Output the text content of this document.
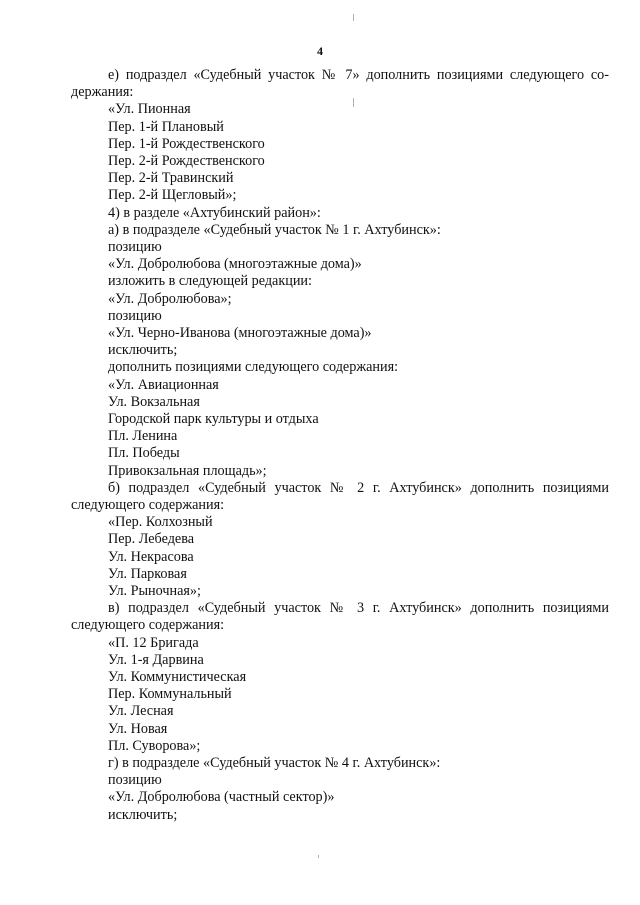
4
е) подраздел «Судебный участок № 7» дополнить позициями следующего со-
держания:
«Ул. Пионная
Пер. 1-й Плановый
Пер. 1-й Рождественского
Пер. 2-й Рождественского
Пер. 2-й Травинский
Пер. 2-й Щегловый»;
4) в разделе «Ахтубинский район»:
а) в подразделе «Судебный участок № 1 г. Ахтубинск»:
позицию
«Ул. Добролюбова (многоэтажные дома)»
изложить в следующей редакции:
«Ул. Добролюбова»;
позицию
«Ул. Черно-Иванова (многоэтажные дома)»
исключить;
дополнить позициями следующего содержания:
«Ул. Авиационная
Ул. Вокзальная
Городской парк культуры и отдыха
Пл. Ленина
Пл. Победы
Привокзальная площадь»;
б) подраздел «Судебный участок № 2 г. Ахтубинск» дополнить позициями
следующего содержания:
«Пер. Колхозный
Пер. Лебедева
Ул. Некрасова
Ул. Парковая
Ул. Рыночная»;
в) подраздел «Судебный участок № 3 г. Ахтубинск» дополнить позициями
следующего содержания:
«П. 12 Бригада
Ул. 1-я Дарвина
Ул. Коммунистическая
Пер. Коммунальный
Ул. Лесная
Ул. Новая
Пл. Суворова»;
г) в подразделе «Судебный участок № 4 г. Ахтубинск»:
позицию
«Ул. Добролюбова (частный сектор)»
исключить;
